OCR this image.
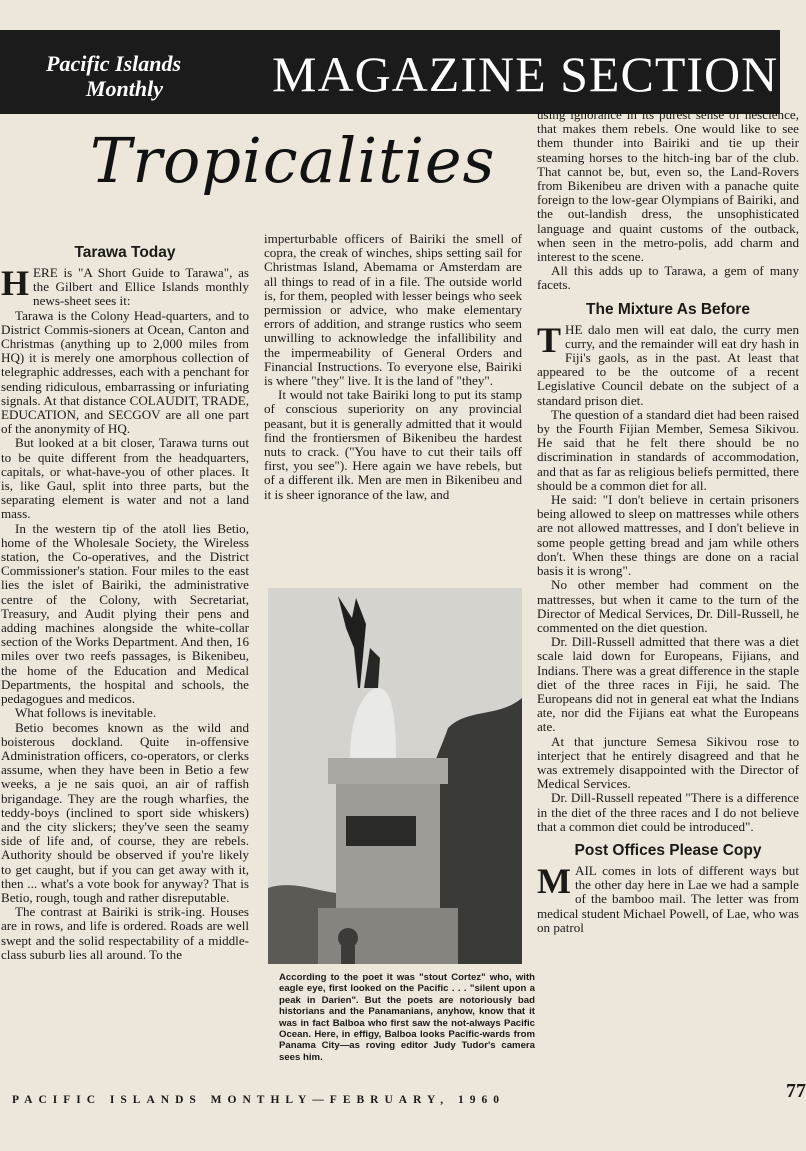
Pacific Islands
Monthly MAGAZINE SECTION
Tropicalities
Tarawa Today

HERE is "A Short Guide to Tarawa", as the Gilbert and Ellice Islands monthly news-sheet sees it:

Tarawa is the Colony Head-quarters, and to District Commis-sioners at Ocean, Canton and Christmas (anything up to 2,000 miles from HQ) it is merely one amorphous collection of telegraphic addresses, each with a penchant for sending ridiculous, embarrassing or infuriating signals. At that distance COLAUDIT, TRADE, EDUCATION, and SECGOV are all one part of the anonymity of HQ.

But looked at a bit closer, Tarawa turns out to be quite different from the headquarters, capitals, or what-have-you of other places. It is, like Gaul, split into three parts, but the separating element is water and not a land mass.

In the western tip of the atoll lies Betio, home of the Wholesale Society, the Wireless station, the Co-operatives, and the District Commissioner's station. Four miles to the east lies the islet of Bairiki, the administrative centre of the Colony, with Secretariat, Treasury, and Audit plying their pens and adding machines alongside the white-collar section of the Works Department. And then, 16 miles over two reefs passages, is Bikenibeu, the home of the Education and Medical Departments, the hospital and schools, the pedagogues and medicos.

What follows is inevitable.

Betio becomes known as the wild and boisterous dockland. Quite in-offensive Administration officers, co-operators, or clerks assume, when they have been in Betio a few weeks, a je ne sais quoi, an air of raffish brigandage. They are the rough wharfies, the teddy-boys (inclined to sport side whiskers) and the city slickers; they've seen the seamy side of life and, of course, they are rebels. Authority should be observed if you're likely to get caught, but if you can get away with it, then ... what's a vote book for anyway? That is Betio, rough, tough and rather disreputable.

The contrast at Bairiki is strik-ing. Houses are in rows, and life is ordered. Roads are well swept and the solid respectability of a middle-class suburb lies all around. To the

imperturbable officers of Bairiki the smell of copra, the creak of winches, ships setting sail for Christmas Island, Abemama or Amsterdam are all things to read of in a file. The outside world is, for them, peopled with lesser beings who seek permission or advice, who make elementary errors of addition, and strange rustics who seem unwilling to acknowledge the infallibility and the impermeability of General Orders and Financial Instructions. To everyone else, Bairiki is where "they" live. It is the land of "they".

It would not take Bairiki long to put its stamp of conscious superiority on any provincial peasant, but it is generally admitted that it would find the frontiersmen of Bikenibeu the hardest nuts to crack. ("You have to cut their tails off first, you see"). Here again we have rebels, but of a different ilk. Men are men in Bikenibeu and it is sheer ignorance of the law, and

According to the poet it was "stout Cortez" who, with eagle eye, first looked on the Pacific . . . "silent upon a peak in Darien". But the poets are notoriously bad historians and the Panamanians, anyhow, know that it was in fact Balboa who first saw the not-always Pacific Ocean. Here, in effigy, Balboa looks Pacific-wards from Panama City—as roving editor Judy Tudor's camera sees him.

using ignorance in its purest sense of nescience, that makes them rebels. One would like to see them thunder into Bairiki and tie up their steaming horses to the hitch-ing bar of the club. That cannot be, but, even so, the Land-Rovers from Bikenibeu are driven with a panache quite foreign to the low-gear Olympians of Bairiki, and the out-landish dress, the unsophisticated language and quaint customs of the outback, when seen in the metro-polis, add charm and interest to the scene.

All this adds up to Tarawa, a gem of many facets.

The Mixture As Before

THE dalo men will eat dalo, the curry men curry, and the remainder will eat dry hash in Fiji's gaols, as in the past. At least that appeared to be the outcome of a recent Legislative Council debate on the subject of a standard prison diet.

The question of a standard diet had been raised by the Fourth Fijian Member, Semesa Sikivou. He said that he felt there should be no discrimination in standards of accommodation, and that as far as religious beliefs permitted, there should be a common diet for all.

He said: "I don't believe in certain prisoners being allowed to sleep on mattresses while others are not allowed mattresses, and I don't believe in some people getting bread and jam while others don't. When these things are done on a racial basis it is wrong".

No other member had comment on the mattresses, but when it came to the turn of the Director of Medical Services, Dr. Dill-Russell, he commented on the diet question.

Dr. Dill-Russell admitted that there was a diet scale laid down for Europeans, Fijians, and Indians. There was a great difference in the staple diet of the three races in Fiji, he said. The Europeans did not in general eat what the Indians ate, nor did the Fijians eat what the Europeans ate.

At that juncture Semesa Sikivou rose to interject that he entirely disagreed and that he was extremely disappointed with the Director of Medical Services.

Dr. Dill-Russell repeated "There is a difference in the diet of the three races and I do not believe that a common diet could be introduced".

Post Offices Please Copy

MAIL comes in lots of different ways but the other day here in Lae we had a sample of the bamboo mail. The letter was from medical student Michael Powell, of Lae, who was on patrol

PACIFIC ISLANDS MONTHLY—FEBRUARY, 1960	77
